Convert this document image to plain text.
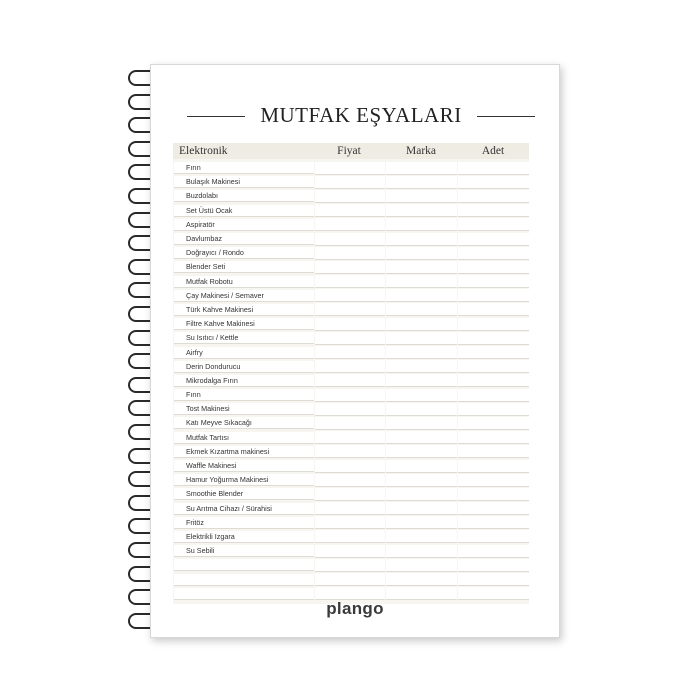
MUTFAK EŞYALARI
Elektronik	Fiyat	Marka	Adet
Fırın
Bulaşık Makinesi
Buzdolabı
Set Üstü Ocak
Aspiratör
Davlumbaz
Doğrayıcı / Rondo
Blender Seti
Mutfak Robotu
Çay Makinesi / Semaver
Türk Kahve Makinesi
Filtre Kahve Makinesi
Su Isıtıcı / Kettle
Airfry
Derin Dondurucu
Mikrodalga Fırın
Fırın
Tost Makinesi
Katı Meyve Sıkacağı
Mutfak Tartısı
Ekmek Kızartma makinesi
Waffle Makinesi
Hamur Yoğurma Makinesi
Smoothie Blender
Su Arıtma Cihazı / Sürahisi
Fritöz
Elektrikli Izgara
Su Sebili
plango
